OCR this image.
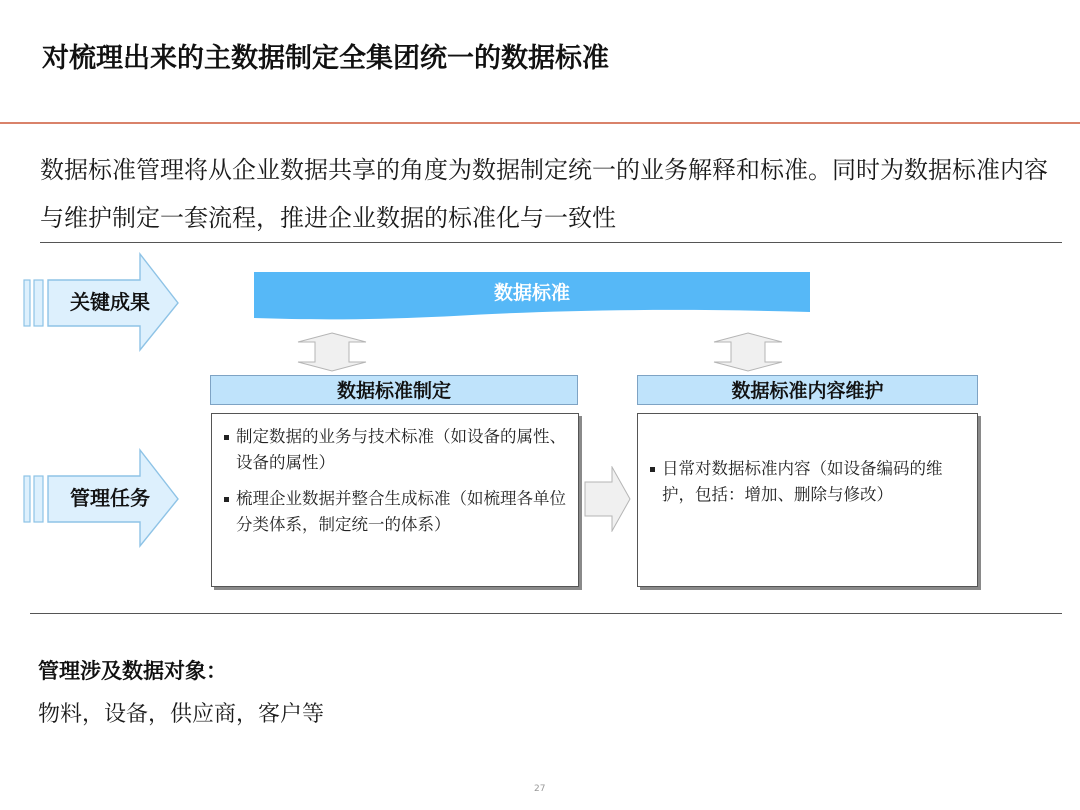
对梳理出来的主数据制定全集团统一的数据标准
数据标准管理将从企业数据共享的角度为数据制定统一的业务解释和标准。同时为数据标准内容与维护制定一套流程，推进企业数据的标准化与一致性
关键成果
管理任务
数据标准
数据标准制定
制定数据的业务与技术标准（如设备的属性、设备的属性）
梳理企业数据并整合生成标准（如梳理各单位分类体系，制定统一的体系）
数据标准内容维护
日常对数据标准内容（如设备编码的维护，包括：增加、删除与修改）
管理涉及数据对象：
物料，设备，供应商，客户等
27
